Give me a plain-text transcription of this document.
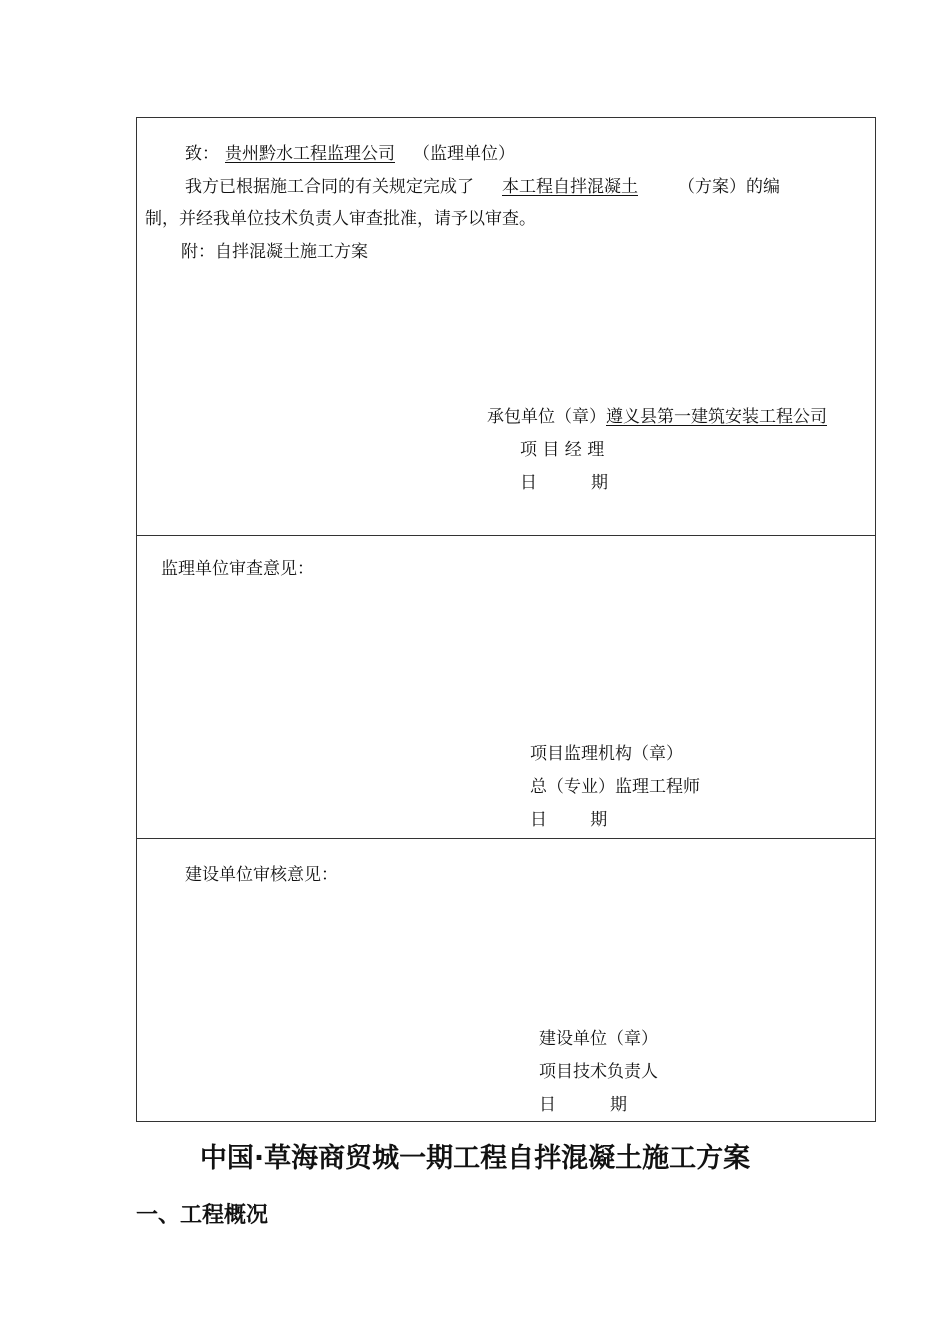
致： 贵州黔水工程监理公司 （监理单位）
我方已根据施工合同的有关规定完成了 本工程自拌混凝土 （方案）的编
制，并经我单位技术负责人审查批准，请予以审查。
附：自拌混凝土施工方案
承包单位（章）遵义县第一建筑安装工程公司
项 目 经 理
日          期
监理单位审查意见：
项目监理机构（章）
总（专业）监理工程师
日        期
建设单位审核意见：
建设单位（章）
项目技术负责人
日          期
中国·草海商贸城一期工程自拌混凝土施工方案
一、工程概况
